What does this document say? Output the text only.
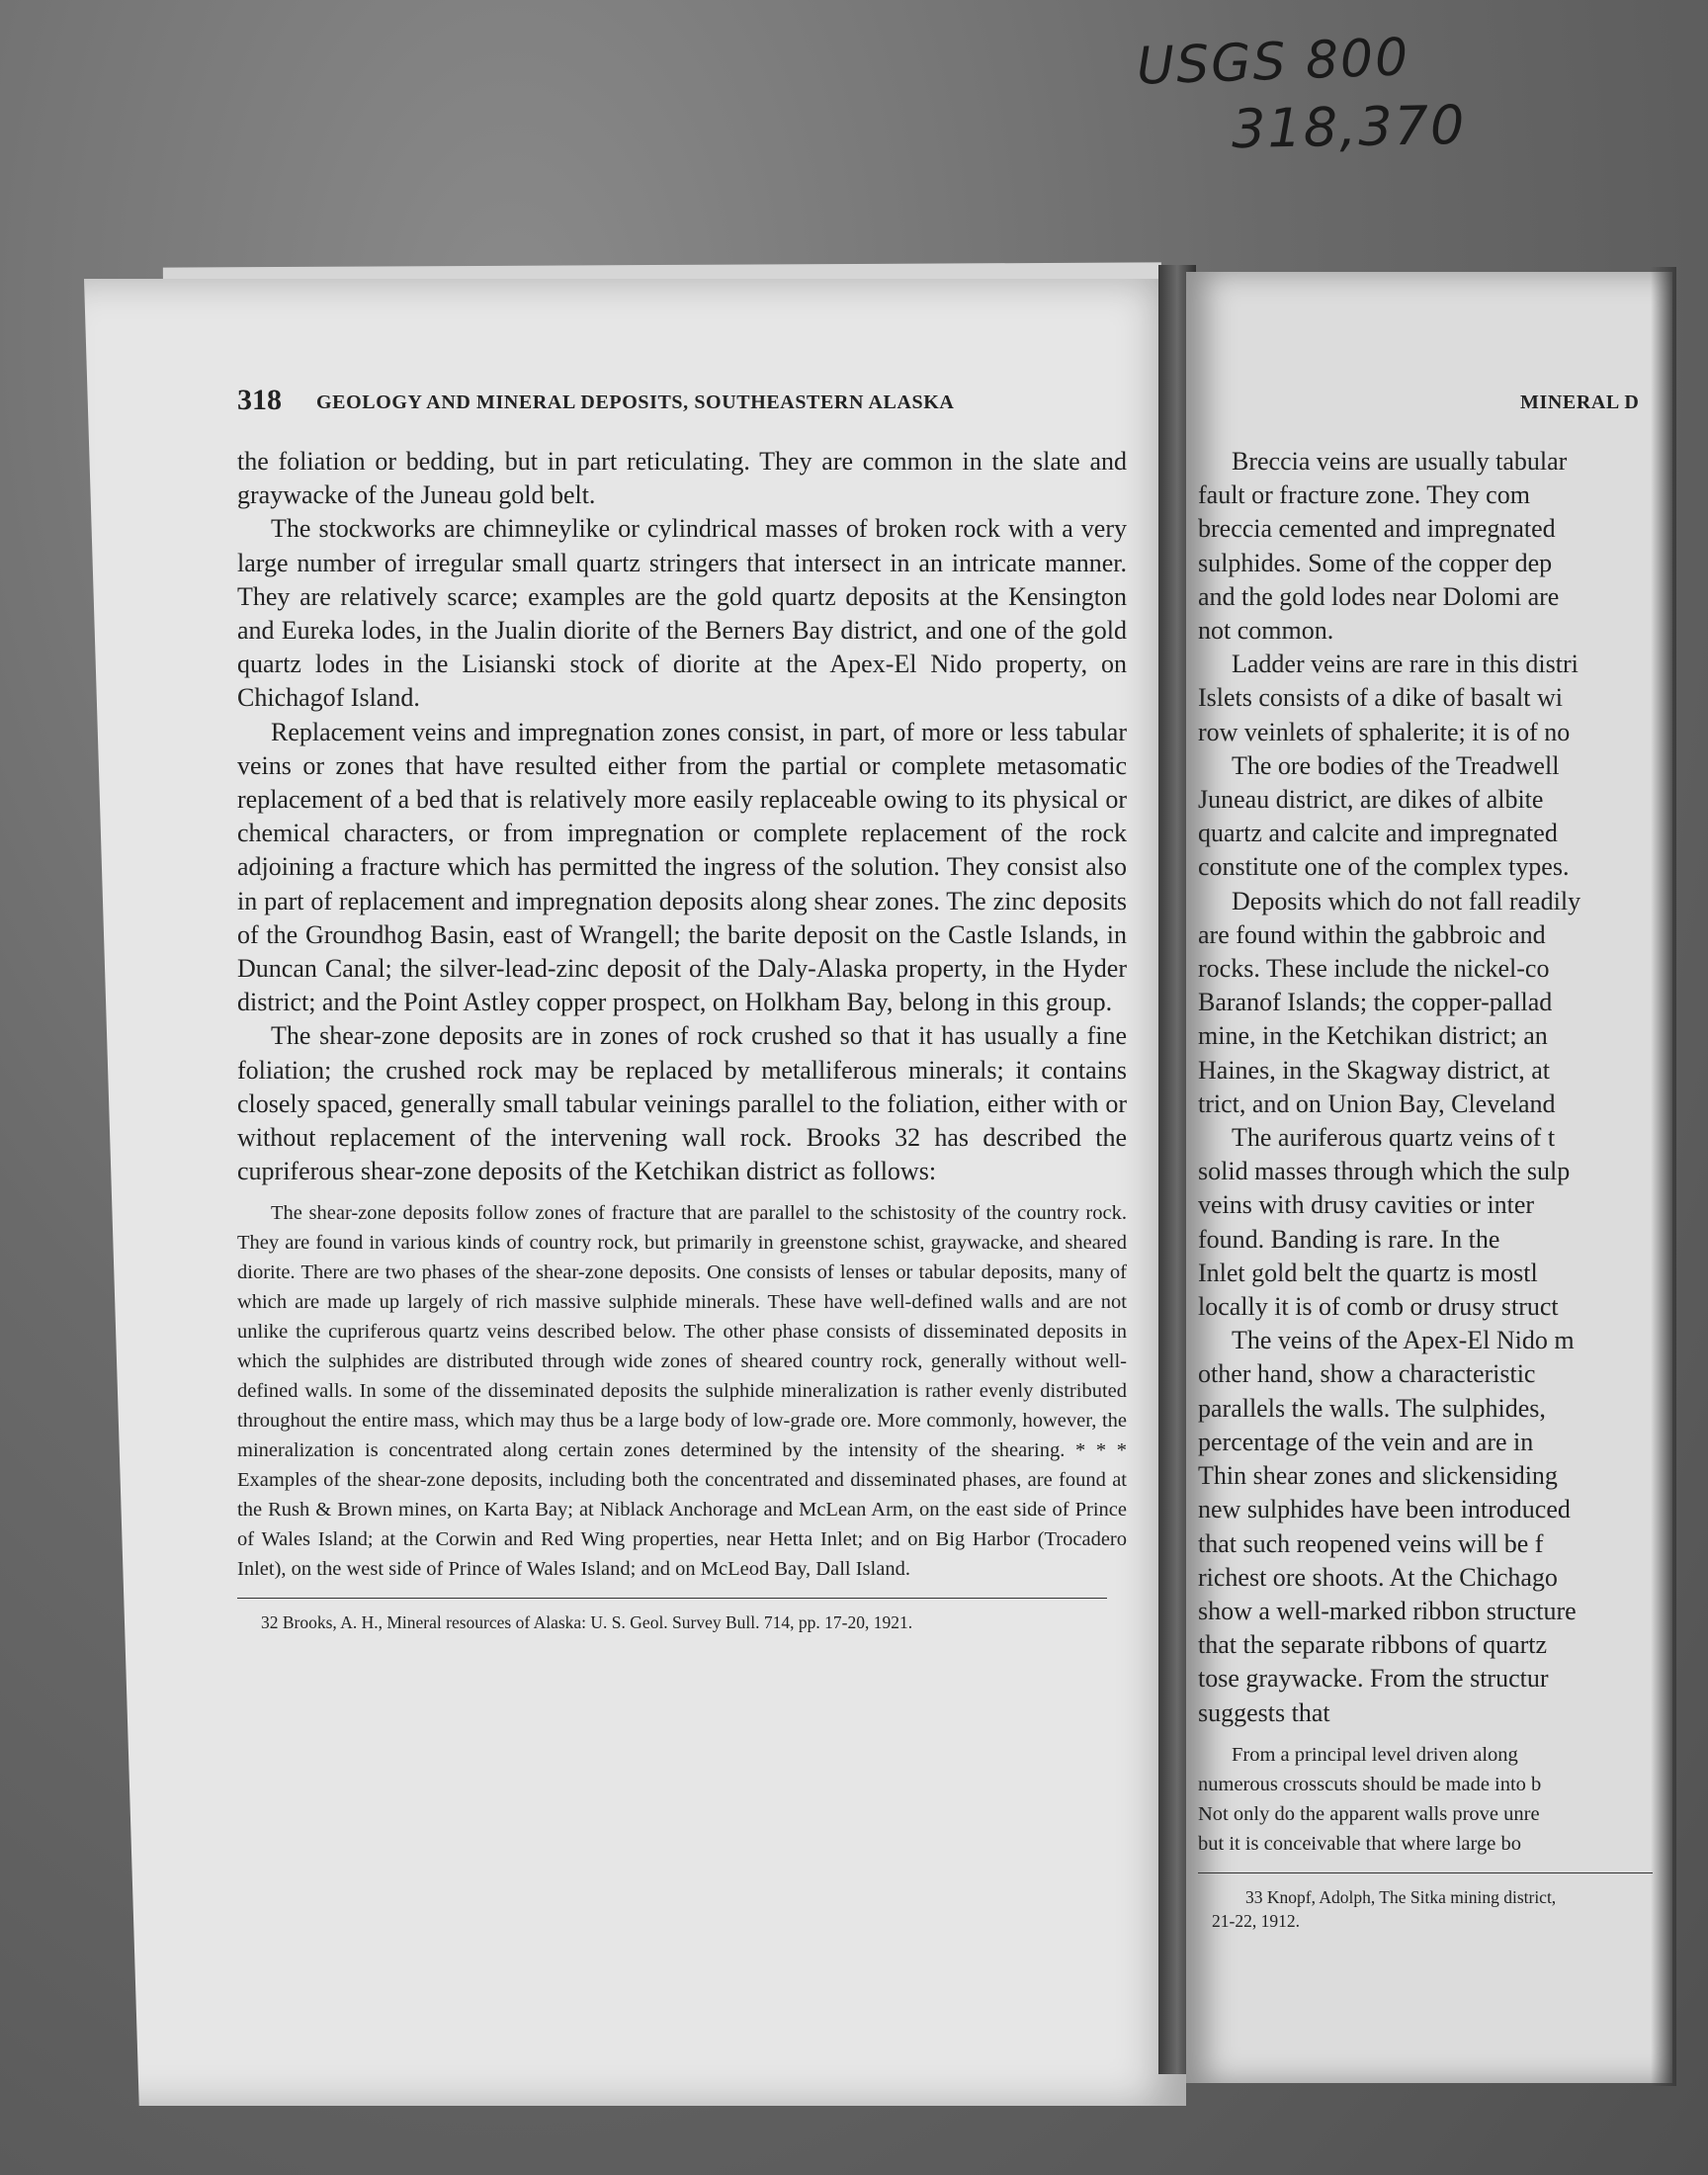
USGS 800
318,370
318 GEOLOGY AND MINERAL DEPOSITS, SOUTHEASTERN ALASKA

the foliation or bedding, but in part reticulating. They are common in the slate and graywacke of the Juneau gold belt.

The stockworks are chimneylike or cylindrical masses of broken rock with a very large number of irregular small quartz stringers that intersect in an intricate manner. They are relatively scarce; examples are the gold quartz deposits at the Kensington and Eureka lodes, in the Jualin diorite of the Berners Bay district, and one of the gold quartz lodes in the Lisianski stock of diorite at the Apex-El Nido property, on Chichagof Island.

Replacement veins and impregnation zones consist, in part, of more or less tabular veins or zones that have resulted either from the partial or complete metasomatic replacement of a bed that is relatively more easily replaceable owing to its physical or chemical characters, or from impregnation or complete replacement of the rock adjoining a fracture which has permitted the ingress of the solution. They consist also in part of replacement and impregnation deposits along shear zones. The zinc deposits of the Groundhog Basin, east of Wrangell; the barite deposit on the Castle Islands, in Duncan Canal; the silver-lead-zinc deposit of the Daly-Alaska property, in the Hyder district; and the Point Astley copper prospect, on Holkham Bay, belong in this group.

The shear-zone deposits are in zones of rock crushed so that it has usually a fine foliation; the crushed rock may be replaced by metalliferous minerals; it contains closely spaced, generally small tabular veinings parallel to the foliation, either with or without replacement of the intervening wall rock. Brooks 32 has described the cupriferous shear-zone deposits of the Ketchikan district as follows:

The shear-zone deposits follow zones of fracture that are parallel to the schistosity of the country rock. They are found in various kinds of country rock, but primarily in greenstone schist, graywacke, and sheared diorite. There are two phases of the shear-zone deposits. One consists of lenses or tabular deposits, many of which are made up largely of rich massive sulphide minerals. These have well-defined walls and are not unlike the cupriferous quartz veins described below. The other phase consists of disseminated deposits in which the sulphides are distributed through wide zones of sheared country rock, generally without well-defined walls. In some of the disseminated deposits the sulphide mineralization is rather evenly distributed throughout the entire mass, which may thus be a large body of low-grade ore. More commonly, however, the mineralization is concentrated along certain zones determined by the intensity of the shearing. * * * Examples of the shear-zone deposits, including both the concentrated and disseminated phases, are found at the Rush & Brown mines, on Karta Bay; at Niblack Anchorage and McLean Arm, on the east side of Prince of Wales Island; at the Corwin and Red Wing properties, near Hetta Inlet; and on Big Harbor (Trocadero Inlet), on the west side of Prince of Wales Island; and on McLeod Bay, Dall Island.

32 Brooks, A. H., Mineral resources of Alaska: U. S. Geol. Survey Bull. 714, pp. 17-20, 1921.
MINERAL D
Breccia veins are usually tabular
fault or fracture zone. They com
breccia cemented and impregnated
sulphides. Some of the copper dep
and the gold lodes near Dolomi are
not common.
Ladder veins are rare in this distri
Islets consists of a dike of basalt wi
row veinlets of sphalerite; it is of no
The ore bodies of the Treadwell
Juneau district, are dikes of albite
quartz and calcite and impregnated
constitute one of the complex types.
Deposits which do not fall readily
are found within the gabbroic and
rocks. These include the nickel-co
Baranof Islands; the copper-pallad
mine, in the Ketchikan district; an
Haines, in the Skagway district, at
trict, and on Union Bay, Cleveland
The auriferous quartz veins of t
solid masses through which the sulp
veins with drusy cavities or inter
found. Banding is rare. In the
Inlet gold belt the quartz is mostl
locally it is of comb or drusy struct
The veins of the Apex-El Nido m
other hand, show a characteristic
parallels the walls. The sulphides,
percentage of the vein and are in
Thin shear zones and slickensiding
new sulphides have been introduced
that such reopened veins will be f
richest ore shoots. At the Chichago
show a well-marked ribbon structure
that the separate ribbons of quartz
tose graywacke. From the structur
suggests that
From a principal level driven along
numerous crosscuts should be made into b
Not only do the apparent walls prove unre
but it is conceivable that where large bo
33 Knopf, Adolph, The Sitka mining district,
21-22, 1912.
